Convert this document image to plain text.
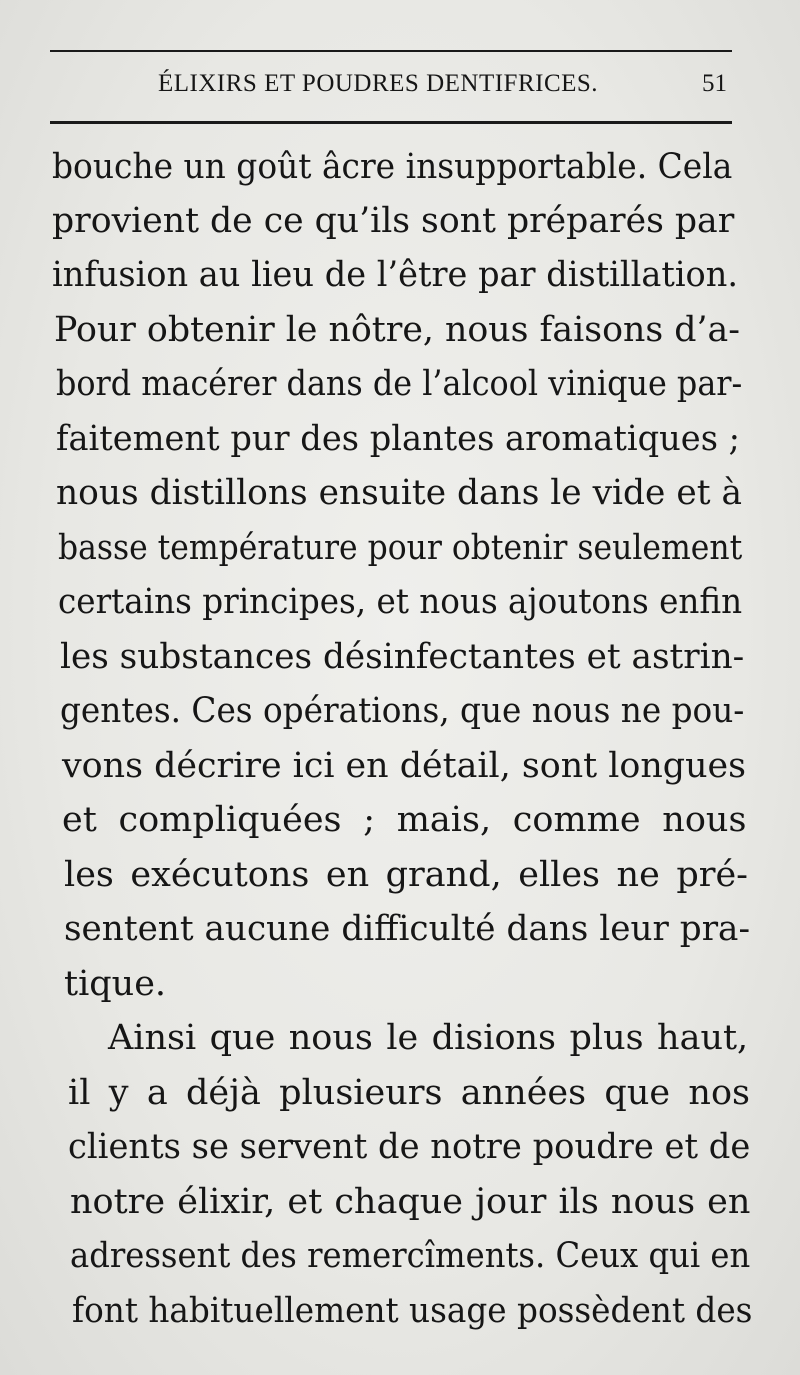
ÉLIXIRS ET POUDRES DENTIFRICES.	51
bouche un goût âcre insupportable. Cela
provient de ce qu’ils sont préparés par
infusion au lieu de l’être par distillation.
Pour obtenir le nôtre, nous faisons d’a-
bord macérer dans de l’alcool vinique par-
faitement pur des plantes aromatiques ;
nous distillons ensuite dans le vide et à
basse température pour obtenir seulement
certains principes, et nous ajoutons enfin
les substances désinfectantes et astrin-
gentes. Ces opérations, que nous ne pou-
vons décrire ici en détail, sont longues
et compliquées ; mais, comme nous
les exécutons en grand, elles ne pré-
sentent aucune difficulté dans leur pra-
tique.
Ainsi que nous le disions plus haut,
il y a déjà plusieurs années que nos
clients se servent de notre poudre et de
notre élixir, et chaque jour ils nous en
adressent des remercîments. Ceux qui en
font habituellement usage possèdent des
